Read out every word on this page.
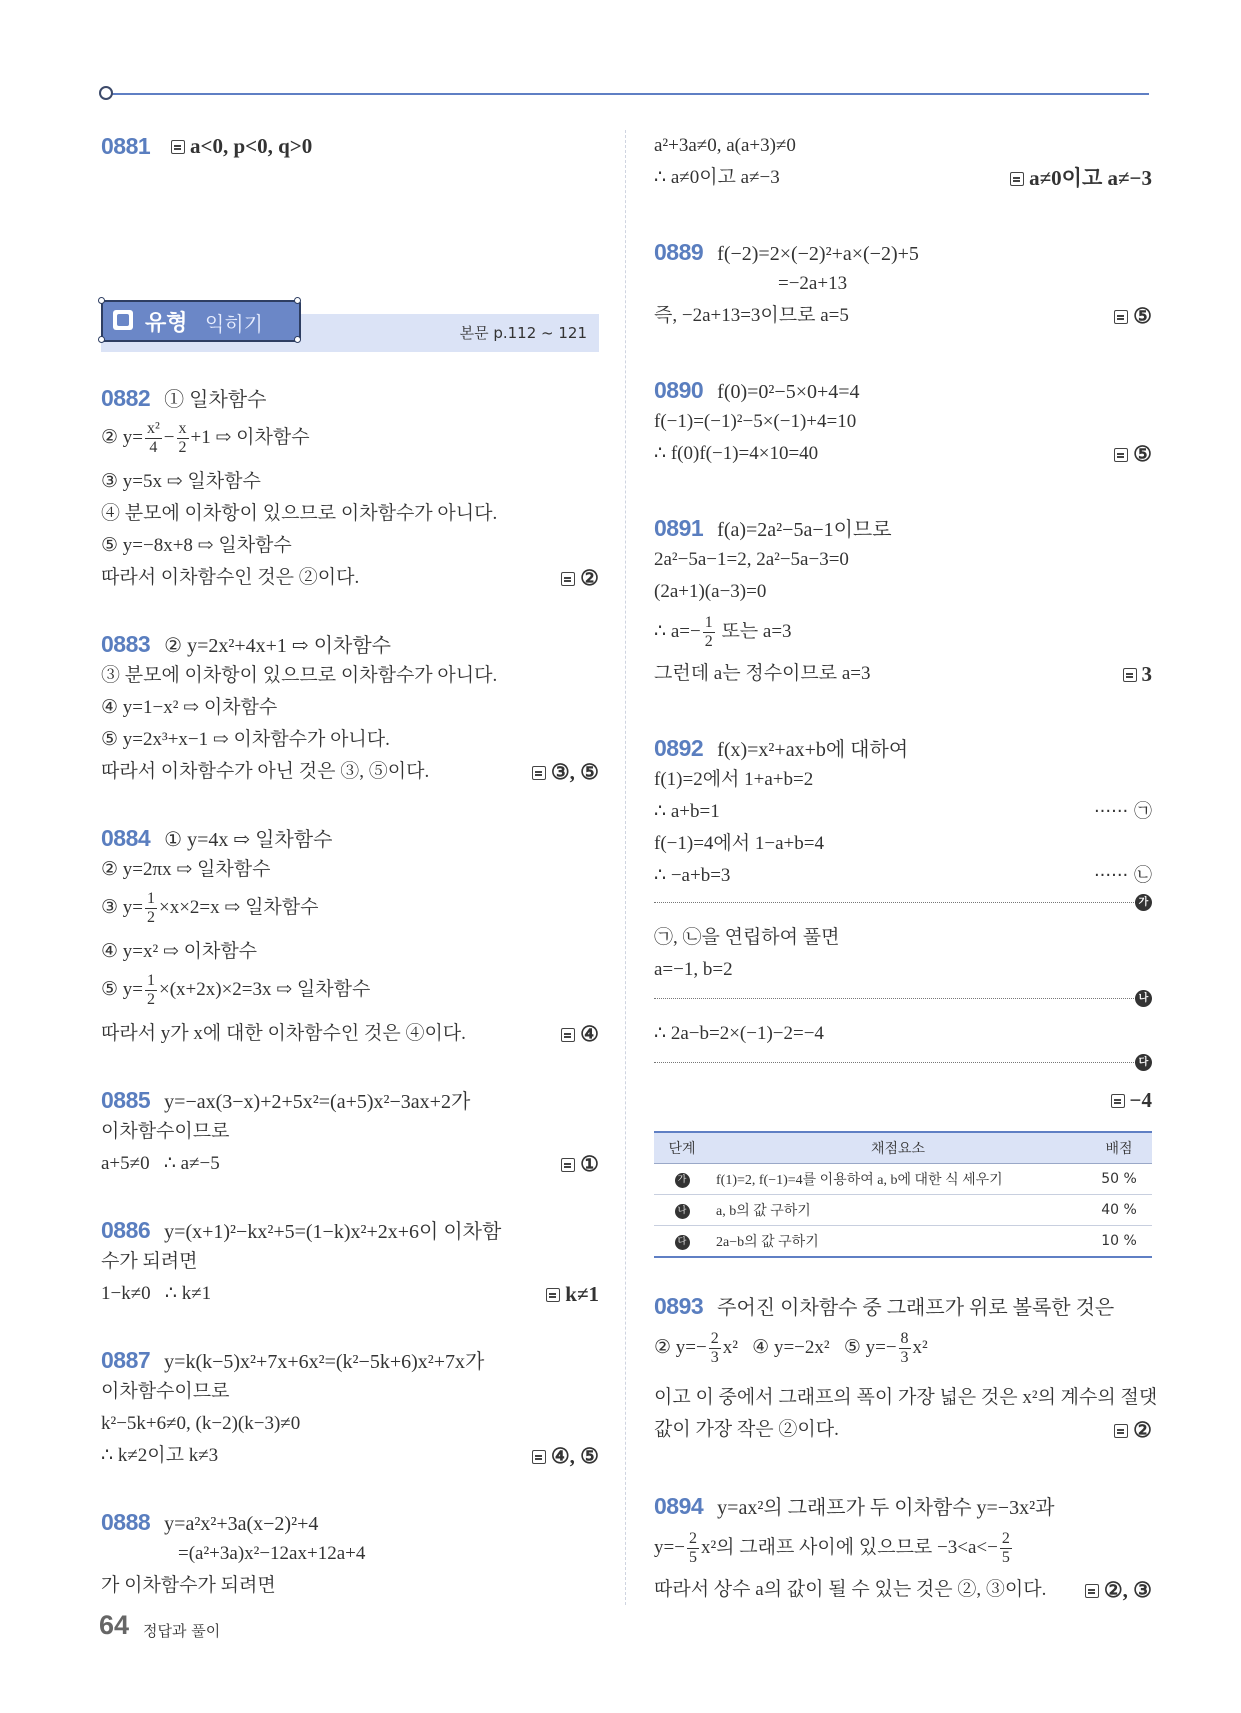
0881	a<0, p<0, q>0
유형 익히기	본문 p.112 ~ 121
0882 ① 일차함수
② $y= \frac{\text{x²}}{4} - \frac{x}{2} +1$ ⇨ 이차함수
③ y=5x ⇨ 일차함수
④ 분모에 이차항이 있으므로 이차함수가 아니다.
⑤ y=−8x+8 ⇨ 일차함수
따라서 이차함수인 것은 ②이다.	②
0883 ② y=2x²+4x+1 ⇨ 이차함수
③ 분모에 이차항이 있으므로 이차함수가 아니다.
④ y=1−x² ⇨ 이차함수
⑤ y=2x³+x−1 ⇨ 이차함수가 아니다.
따라서 이차함수가 아닌 것은 ③, ⑤이다.	③, ⑤
0884 ① y=4x ⇨ 일차함수
② y=2πx ⇨ 일차함수
③ $y= \frac{1}{2} \times x\times 2=x$ ⇨ 일차함수
④ y=x² ⇨ 이차함수
⑤ $y= \frac{1}{2} \times(x+2x)\times 2=3x$ ⇨ 일차함수
따라서 y가 x에 대한 이차함수인 것은 ④이다.	④
0885 y=−ax(3−x)+2+5x²=(a+5)x²−3ax+2가
이차함수이므로
a+5≠0   ∴ a≠−5	①
0886 y=(x+1)²−kx²+5=(1−k)x²+2x+6이 이차함
수가 되려면
1−k≠0   ∴ k≠1	k≠1
0887 y=k(k−5)x²+7x+6x²=(k²−5k+6)x²+7x가
이차함수이므로
k²−5k+6≠0, (k−2)(k−3)≠0
∴ k≠2이고 k≠3	④, ⑤
0888 y=a²x²+3a(x−2)²+4
=(a²+3a)x²−12ax+12a+4
가 이차함수가 되려면
a²+3a≠0, a(a+3)≠0
∴ a≠0이고 a≠−3	a≠0이고 a≠−3
0889 f(−2)=2×(−2)²+a×(−2)+5
=−2a+13
즉, −2a+13=3이므로 a=5	⑤
0890 f(0)=0²−5×0+4=4
f(−1)=(−1)²−5×(−1)+4=10
∴ f(0)f(−1)=4×10=40	⑤
0891 f(a)=2a²−5a−1이므로
2a²−5a−1=2, 2a²−5a−3=0
(2a+1)(a−3)=0
∴ $a=- \frac{1}{2}$ 또는 a=3
그런데 a는 정수이므로 a=3	3
0892 f(x)=x²+ax+b에 대하여
f(1)=2에서 1+a+b=2
∴ a+b=1	······ ㉠
f(−1)=4에서 1−a+b=4
∴ −a+b=3	······ ㉡
가
㉠, ㉡을 연립하여 풀면
a=−1, b=2
나
∴ 2a−b=2×(−1)−2=−4
다
−4
단계	채점요소	배점
가	f(1)=2, f(−1)=4를 이용하여 a, b에 대한 식 세우기	50 %
나	a, b의 값 구하기	40 %
다	2a−b의 값 구하기	10 %
0893 주어진 이차함수 중 그래프가 위로 볼록한 것은
② $y=- \frac{2}{3} x^2$   ④ y=−2x²   ⑤ $y=- \frac{8}{3} x^2$
이고 이 중에서 그래프의 폭이 가장 넓은 것은 x²의 계수의 절댓
값이 가장 작은 ②이다.	②
0894 y=ax²의 그래프가 두 이차함수 y=−3x²과
$y=- \frac{2}{5} x^2$의 그래프 사이에 있으므로 $-3<a<- \frac{2}{5}$
따라서 상수 a의 값이 될 수 있는 것은 ②, ③이다.	②, ③
64 정답과 풀이
